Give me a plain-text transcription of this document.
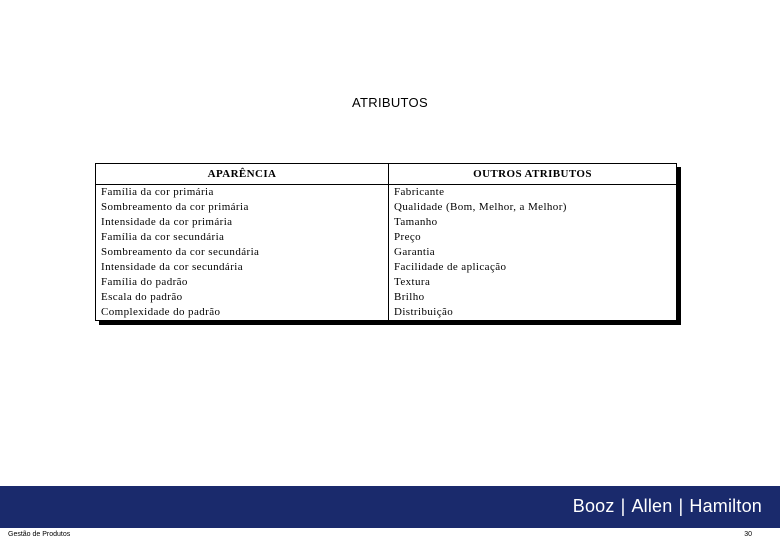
ATRIBUTOS
APARÊNCIA	OUTROS ATRIBUTOS
Família da cor primária	Fabricante
Sombreamento da cor primária	Qualidade (Bom, Melhor, a Melhor)
Intensidade da cor primária	Tamanho
Família da cor secundária	Preço
Sombreamento da cor secundária	Garantia
Intensidade da cor secundária	Facilidade de aplicação
Família do padrão	Textura
Escala do padrão	Brilho
Complexidade do padrão	Distribuição
Booz | Allen | Hamilton
Gestão de Produtos	30
